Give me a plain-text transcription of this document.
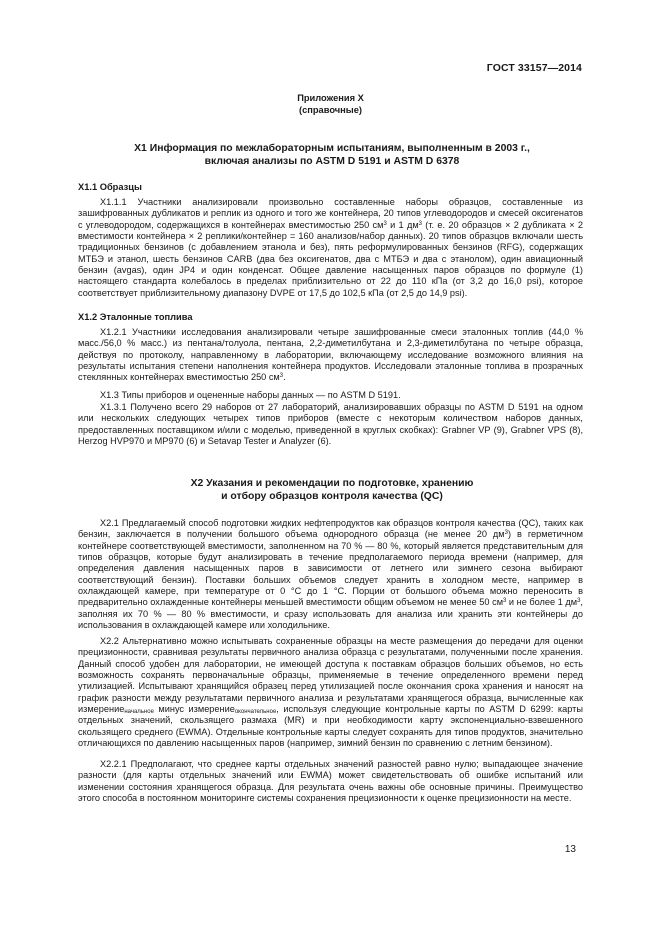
ГОСТ 33157—2014
Приложения Х
(справочные)
Х1 Информация по межлабораторным испытаниям, выполненным в 2003 г.,
включая анализы по ASTM D 5191 и ASTM D 6378
Х1.1 Образцы
Х1.1.1 Участники анализировали произвольно составленные наборы образцов, составленные из зашифрованных дубликатов и реплик из одного и того же контейнера, 20 типов углеводородов и смесей оксигенатов с углеводородом, содержащихся в контейнерах вместимостью 250 $см^3$ и 1 $дм^3$ (т. е. 20 образцов × 2 дубликата × 2 вместимости контейнера × 2 реплики/контейнер = 160 анализов/набор данных). 20 типов образцов включали шесть традиционных бензинов (с добавлением этанола и без), пять реформулированных бензинов (RFG), содержащих МТБЭ и этанол, шесть бензинов CARB (два без оксигенатов, два с МТБЭ и два с этанолом), один авиационный бензин (avgas), один JP4 и один конденсат. Общее давление насыщенных паров образцов по формуле (1) настоящего стандарта колебалось в пределах приблизительно от 22 до 110 кПа (от 3,2 до 16,0 psi), которое соответствует приблизительному диапазону DVPE от 17,5 до 102,5 кПа (от 2,5 до 14,9 psi).
Х1.2 Эталонные топлива
Х1.2.1 Участники исследования анализировали четыре зашифрованные смеси эталонных топлив (44,0 % масс./56,0 % масс.) из пентана/толуола, пентана, 2,2-диметилбутана и 2,3-диметилбутана по четыре образца, действуя по протоколу, направленному в лаборатории, включающему исследование возможного влияния на результаты испытания степени наполнения контейнера продуктов. Исследовали эталонные топлива в прозрачных стеклянных контейнерах вместимостью 250 $см^3$.
Х1.3 Типы приборов и оцененные наборы данных — по ASTM D 5191.
Х1.3.1 Получено всего 29 наборов от 27 лабораторий, анализировавших образцы по ASTM D 5191 на одном или нескольких следующих четырех типов приборов (вместе с некоторым количеством наборов данных, предоставленных поставщиком и/или с моделью, приведенной в круглых скобках): Grabner VP (9), Grabner VPS (8), Herzog HVP970 и MP970 (6) и Setavap Tester и Analyzer (6).
Х2 Указания и рекомендации по подготовке, хранению
и отбору образцов контроля качества (QC)
Х2.1 Предлагаемый способ подготовки жидких нефтепродуктов как образцов контроля качества (QC), таких как бензин, заключается в получении большого объема однородного образца (не менее 20 $дм^3$) в герметичном контейнере соответствующей вместимости, заполненном на 70 % — 80 %, который является представительным для типов образцов, которые будут анализировать в течение предполагаемого периода времени (например, для определения давления насыщенных паров в зависимости от летнего или зимнего сезона выбирают соответствующий бензин). Поставки больших объемов следует хранить в холодном месте, например в охлаждающей камере, при температуре от 0 °С до 1 °С. Порции от большого объема можно переносить в предварительно охлажденные контейнеры меньшей вместимости общим объемом не менее 50 $см^3$ и не более 1 $дм^3$, заполняя их 70 % — 80 % вместимости, и сразу использовать для анализа или хранить эти контейнеры до использования в охлаждающей камере или холодильнике.
Х2.2 Альтернативно можно испытывать сохраненные образцы на месте размещения до передачи для оценки прецизионности, сравнивая результаты первичного анализа образца с результатами, полученными после хранения. Данный способ удобен для лаборатории, не имеющей доступа к поставкам образцов больших объемов, но есть возможность сохранять первоначальные образцы, применяемые в течение определенного времени перед утилизацией. Испытывают хранящийся образец перед утилизацией после окончания срока хранения и наносят на график разности между результатами первичного анализа и результатами хранящегося образца, вычисленные как измерение$_{начальное}$ минус измерение$_{окончательное}$, используя следующие контрольные карты по ASTM D 6299: карты отдельных значений, скользящего размаха (MR) и при необходимости карту экспоненциально-взвешенного скользящего среднего (EWMA). Отдельные контрольные карты следует сохранять для типов продуктов, значительно отличающихся по давлению насыщенных паров (например, зимний бензин по сравнению с летним бензином).
Х2.2.1 Предполагают, что среднее карты отдельных значений разностей равно нулю; выпадающее значение разности (для карты отдельных значений или EWMA) может свидетельствовать об ошибке испытаний или изменении состояния хранящегося образца. Для результата очень важны обе основные причины. Преимущество этого способа в постоянном мониторинге системы сохранения прецизионности к оценке прецизионности на месте.
13
